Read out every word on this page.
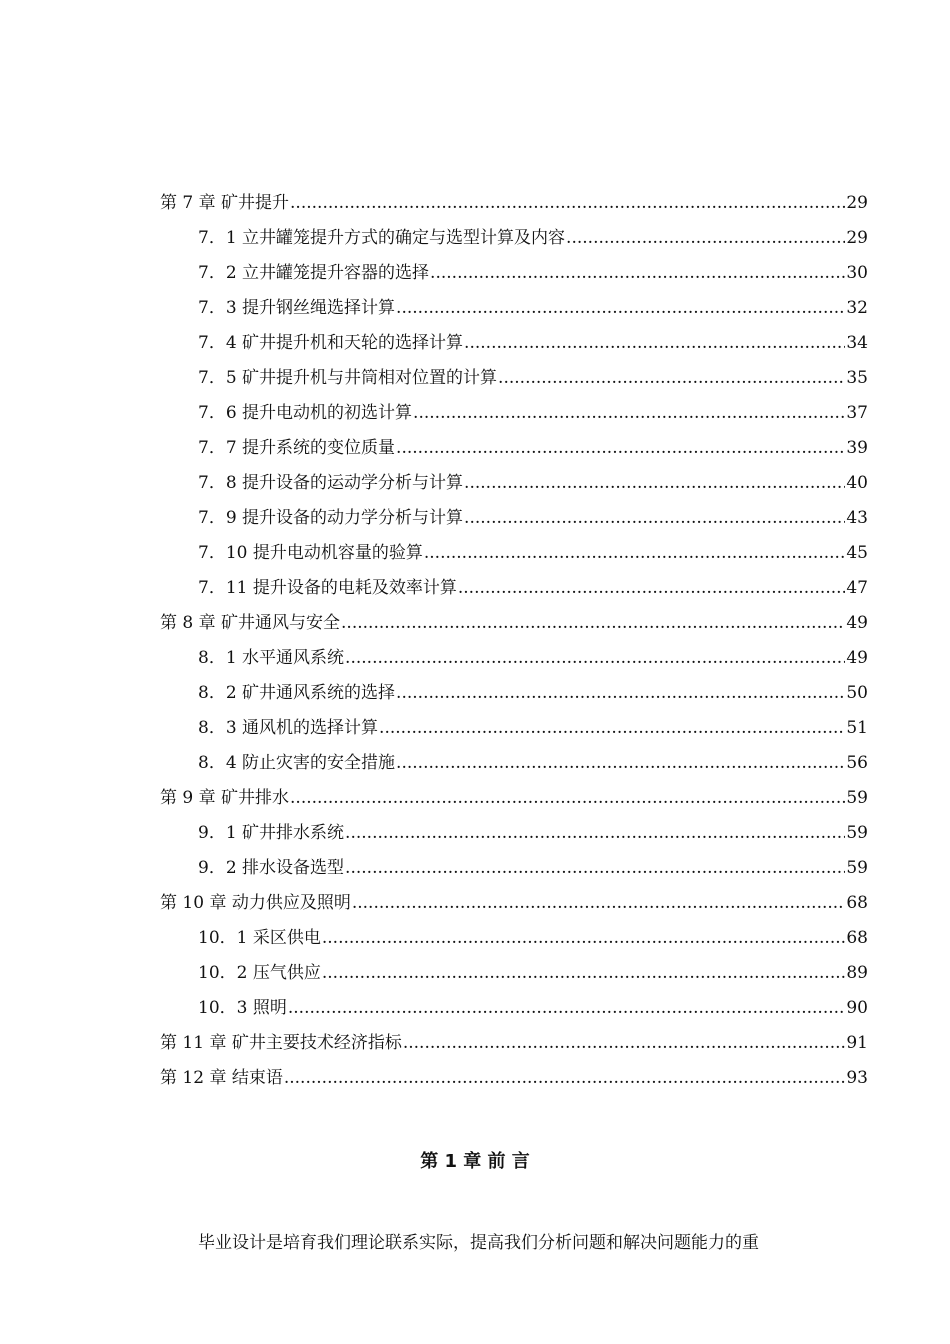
第 7 章 矿井提升 .....	29
7．1 立井罐笼提升方式的确定与选型计算及内容 .....	29
7．2 立井罐笼提升容器的选择 .....	30
7．3 提升钢丝绳选择计算 .....	32
7．4 矿井提升机和天轮的选择计算 .....	34
7．5 矿井提升机与井筒相对位置的计算 .....	35
7．6 提升电动机的初选计算 .....	37
7．7 提升系统的变位质量 .....	39
7．8 提升设备的运动学分析与计算 .....	40
7．9 提升设备的动力学分析与计算 .....	43
7．10 提升电动机容量的验算 .....	45
7．11 提升设备的电耗及效率计算 .....	47
第 8 章 矿井通风与安全 .....	49
8．1 水平通风系统 .....	49
8．2 矿井通风系统的选择 .....	50
8．3 通风机的选择计算 .....	51
8．4 防止灾害的安全措施 .....	56
第 9 章 矿井排水 .....	59
9．1 矿井排水系统 .....	59
9．2 排水设备选型 .....	59
第 10 章 动力供应及照明 .....	68
10．1 采区供电 .....	68
10．2 压气供应 .....	89
10．3 照明 .....	90
第 11 章 矿井主要技术经济指标 .....	91
第 12 章 结束语 .....	93
第 1 章 前 言
毕业设计是培育我们理论联系实际，提高我们分析问题和解决问题能力的重
